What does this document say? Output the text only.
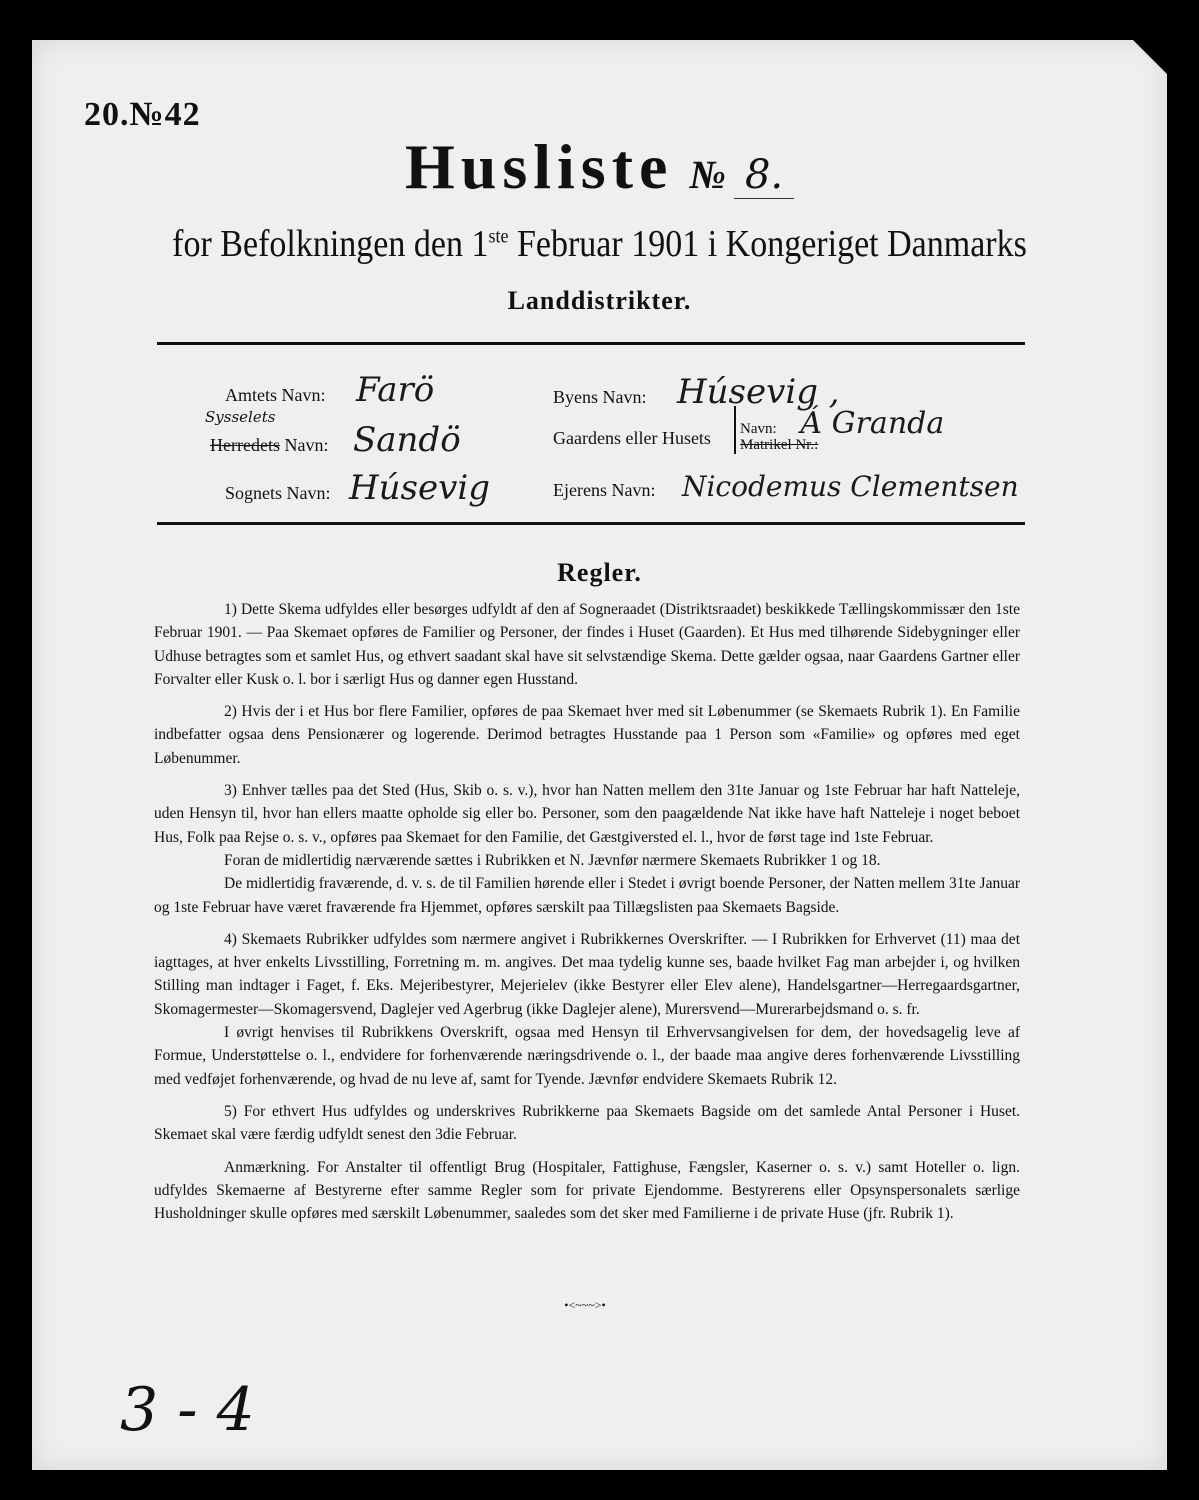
20.№42
Husliste № 8.
for Befolkningen den 1ste Februar 1901 i Kongeriget Danmarks
Landdistrikter.
Amtets Navn: Farö
Sysselets
Herredets Navn: Sandö
Sognets Navn: Húsevig
Byens Navn: Húsevig ,
Gaardens eller Husets Navn: Á Granda
Matrikel Nr.:
Ejerens Navn: Nicodemus Clementsen
Regler.

1) Dette Skema udfyldes eller besørges udfyldt af den af Sogneraadet (Distriktsraadet) beskikkede Tællingskommissær den 1ste Februar 1901. — Paa Skemaet opføres de Familier og Personer, der findes i Huset (Gaarden). Et Hus med tilhørende Sidebygninger eller Udhuse betragtes som et samlet Hus, og ethvert saadant skal have sit selvstændige Skema. Dette gælder ogsaa, naar Gaardens Gartner eller Forvalter eller Kusk o. l. bor i særligt Hus og danner egen Husstand.

2) Hvis der i et Hus bor flere Familier, opføres de paa Skemaet hver med sit Løbenummer (se Skemaets Rubrik 1). En Familie indbefatter ogsaa dens Pensionærer og logerende. Derimod betragtes Husstande paa 1 Person som «Familie» og opføres med eget Løbenummer.

3) Enhver tælles paa det Sted (Hus, Skib o. s. v.), hvor han Natten mellem den 31te Januar og 1ste Februar har haft Natteleje, uden Hensyn til, hvor han ellers maatte opholde sig eller bo. Personer, som den paagældende Nat ikke have haft Natteleje i noget beboet Hus, Folk paa Rejse o. s. v., opføres paa Skemaet for den Familie, det Gæstgiversted el. l., hvor de først tage ind 1ste Februar.

Foran de midlertidig nærværende sættes i Rubrikken et N. Jævnfør nærmere Skemaets Rubrikker 1 og 18.

De midlertidig fraværende, d. v. s. de til Familien hørende eller i Stedet i øvrigt boende Personer, der Natten mellem 31te Januar og 1ste Februar have været fraværende fra Hjemmet, opføres særskilt paa Tillægslisten paa Skemaets Bagside.

4) Skemaets Rubrikker udfyldes som nærmere angivet i Rubrikkernes Overskrifter. — I Rubrikken for Erhvervet (11) maa det iagttages, at hver enkelts Livsstilling, Forretning m. m. angives. Det maa tydelig kunne ses, baade hvilket Fag man arbejder i, og hvilken Stilling man indtager i Faget, f. Eks. Mejeribestyrer, Mejerielev (ikke Bestyrer eller Elev alene), Handelsgartner—Herregaardsgartner, Skomagermester—Skomagersvend, Daglejer ved Agerbrug (ikke Daglejer alene), Murersvend—Murerarbejdsmand o. s. fr.

I øvrigt henvises til Rubrikkens Overskrift, ogsaa med Hensyn til Erhvervsangivelsen for dem, der hovedsagelig leve af Formue, Understøttelse o. l., endvidere for forhenværende næringsdrivende o. l., der baade maa angive deres forhenværende Livsstilling med vedføjet forhenværende, og hvad de nu leve af, samt for Tyende. Jævnfør endvidere Skemaets Rubrik 12.

5) For ethvert Hus udfyldes og underskrives Rubrikkerne paa Skemaets Bagside om det samlede Antal Personer i Huset. Skemaet skal være færdig udfyldt senest den 3die Februar.

Anmærkning. For Anstalter til offentligt Brug (Hospitaler, Fattighuse, Fængsler, Kaserner o. s. v.) samt Hoteller o. lign. udfyldes Skemaerne af Bestyrerne efter samme Regler som for private Ejendomme. Bestyrerens eller Opsynspersonalets særlige Husholdninger skulle opføres med særskilt Løbenummer, saaledes som det sker med Familierne i de private Huse (jfr. Rubrik 1).

•<~~~>•
3 - 4
